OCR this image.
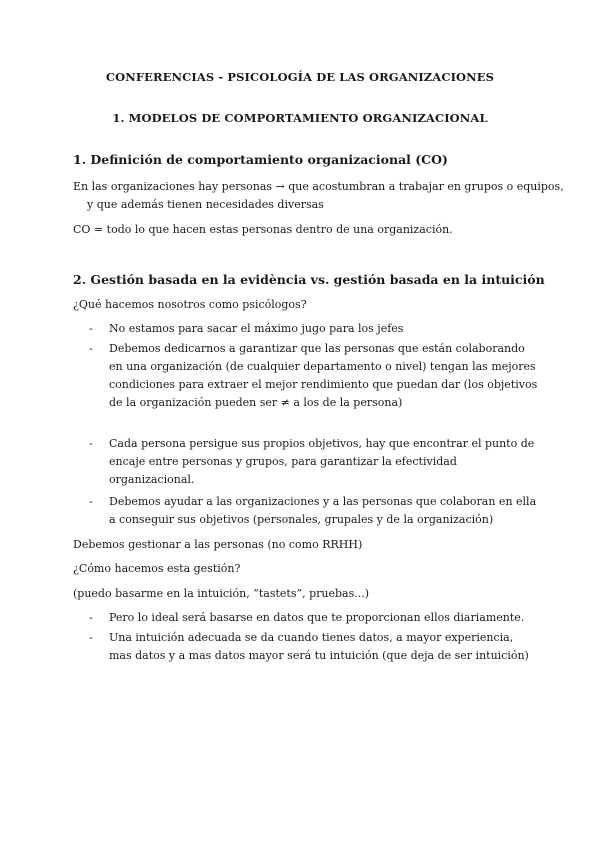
CONFERENCIAS - PSICOLOGÍA DE LAS ORGANIZACIONES
1. MODELOS DE COMPORTAMIENTO ORGANIZACIONAL
1. Definición de comportamiento organizacional (CO)
En las organizaciones hay personas → que acostumbran a trabajar en grupos o equipos,
y que además tienen necesidades diversas
CO = todo lo que hacen estas personas dentro de una organización.
2. Gestión basada en la evidència vs. gestión basada en la intuición
¿Qué hacemos nosotros como psicólogos?
- No estamos para sacar el máximo jugo para los jefes
- Debemos dedicarnos a garantizar que las personas que están colaborando en una organización (de cualquier departamento o nivel) tengan las mejores condiciones para extraer el mejor rendimiento que puedan dar (los objetivos de la organización pueden ser ≠ a los de la persona)
- Cada persona persigue sus propios objetivos, hay que encontrar el punto de encaje entre personas y grupos, para garantizar la efectividad organizacional.
- Debemos ayudar a las organizaciones y a las personas que colaboran en ella a conseguir sus objetivos (personales, grupales y de la organización)
Debemos gestionar a las personas (no como RRHH)
¿Cómo hacemos esta gestión?
(puedo basarme en la intuición, “tastets”, pruebas...)
- Pero lo ideal será basarse en datos que te proporcionan ellos diariamente.
- Una intuición adecuada se da cuando tienes datos, a mayor experiencia, mas datos y a mas datos mayor será tu intuición (que deja de ser intuición)
